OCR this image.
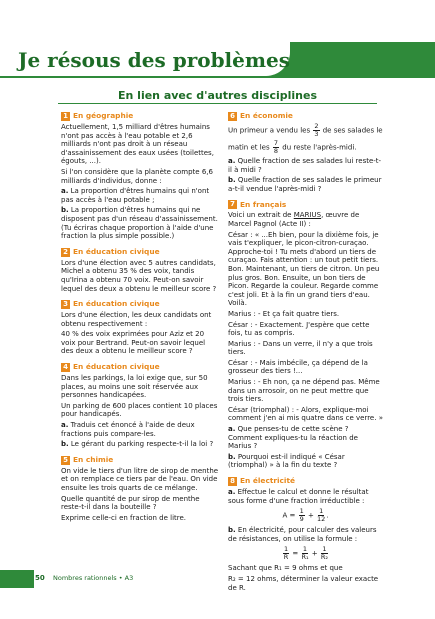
Je résous des problèmes
En lien avec d'autres disciplines
1 En géographie

Actuellement, 1,5 milliard d'êtres humains n'ont pas accès à l'eau potable et 2,6 milliards n'ont pas droit à un réseau d'assainissement des eaux usées (toilettes, égouts, ...).

Si l'on considère que la planète compte 6,6 milliards d'individus, donne :

a. La proportion d'êtres humains qui n'ont pas accès à l'eau potable ;

b. La proportion d'êtres humains qui ne disposent pas d'un réseau d'assainissement. (Tu écriras chaque proportion à l'aide d'une fraction la plus simple possible.)

2 En éducation civique

Lors d'une élection avec 5 autres candidats, Michel a obtenu 35 % des voix, tandis qu'Irina a obtenu 70 voix. Peut-on savoir lequel des deux a obtenu le meilleur score ?

3 En éducation civique

Lors d'une élection, les deux candidats ont obtenu respectivement :

40 % des voix exprimées pour Aziz et 20 voix pour Bertrand. Peut-on savoir lequel des deux a obtenu le meilleur score ?

4 En éducation civique

Dans les parkings, la loi exige que, sur 50 places, au moins une soit réservée aux personnes handicapées.

Un parking de 600 places contient 10 places pour handicapés.

a. Traduis cet énoncé à l'aide de deux fractions puis compare-les.

b. Le gérant du parking respecte-t-il la loi ?

5 En chimie

On vide le tiers d'un litre de sirop de menthe et on remplace ce tiers par de l'eau. On vide ensuite les trois quarts de ce mélange.

Quelle quantité de pur sirop de menthe reste-t-il dans la bouteille ?

Exprime celle-ci en fraction de litre.

6 En économie

Un primeur a vendu les $\frac{2}{3}$ de ses salades le

matin et les $\frac{7}{8}$ du reste l'après-midi.

a. Quelle fraction de ses salades lui reste-t-il à midi ?

b. Quelle fraction de ses salades le primeur a-t-il vendue l'après-midi ?

7 En français

Voici un extrait de MARIUS, œuvre de Marcel Pagnol (Acte II) :

César : « ...Eh bien, pour la dixième fois, je vais t'expliquer, le picon-citron-curaçao. Approche-toi ! Tu mets d'abord un tiers de curaçao. Fais attention : un tout petit tiers. Bon. Maintenant, un tiers de citron. Un peu plus gros. Bon. Ensuite, un bon tiers de Picon. Regarde la couleur. Regarde comme c'est joli. Et à la fin un grand tiers d'eau. Voilà.

Marius : - Et ça fait quatre tiers.

César : - Exactement. J'espère que cette fois, tu as compris.

Marius : - Dans un verre, il n'y a que trois tiers.

César : - Mais imbécile, ça dépend de la grosseur des tiers !...

Marius : - Eh non, ça ne dépend pas. Même dans un arrosoir, on ne peut mettre que trois tiers.

César (triomphal) : - Alors, explique-moi comment j'en ai mis quatre dans ce verre. »

a. Que penses-tu de cette scène ? Comment expliques-tu la réaction de Marius ?

b. Pourquoi est-il indiqué « César (triomphal) » à la fin du texte ?

8 En électricité

a. Effectue le calcul et donne le résultat sous forme d'une fraction irréductible :

$A = \frac{1}{9} + \frac{1}{12}$ .

b. En électricité, pour calculer des valeurs de résistances, on utilise la formule :

$\frac{1}{R} = \frac{1}{\text{R₁}} + \frac{1}{\text{R₂}}$

Sachant que R₁ = 9 ohms et que

R₂ = 12 ohms, déterminer la valeur exacte de R.

50 Nombres rationnels • A3
